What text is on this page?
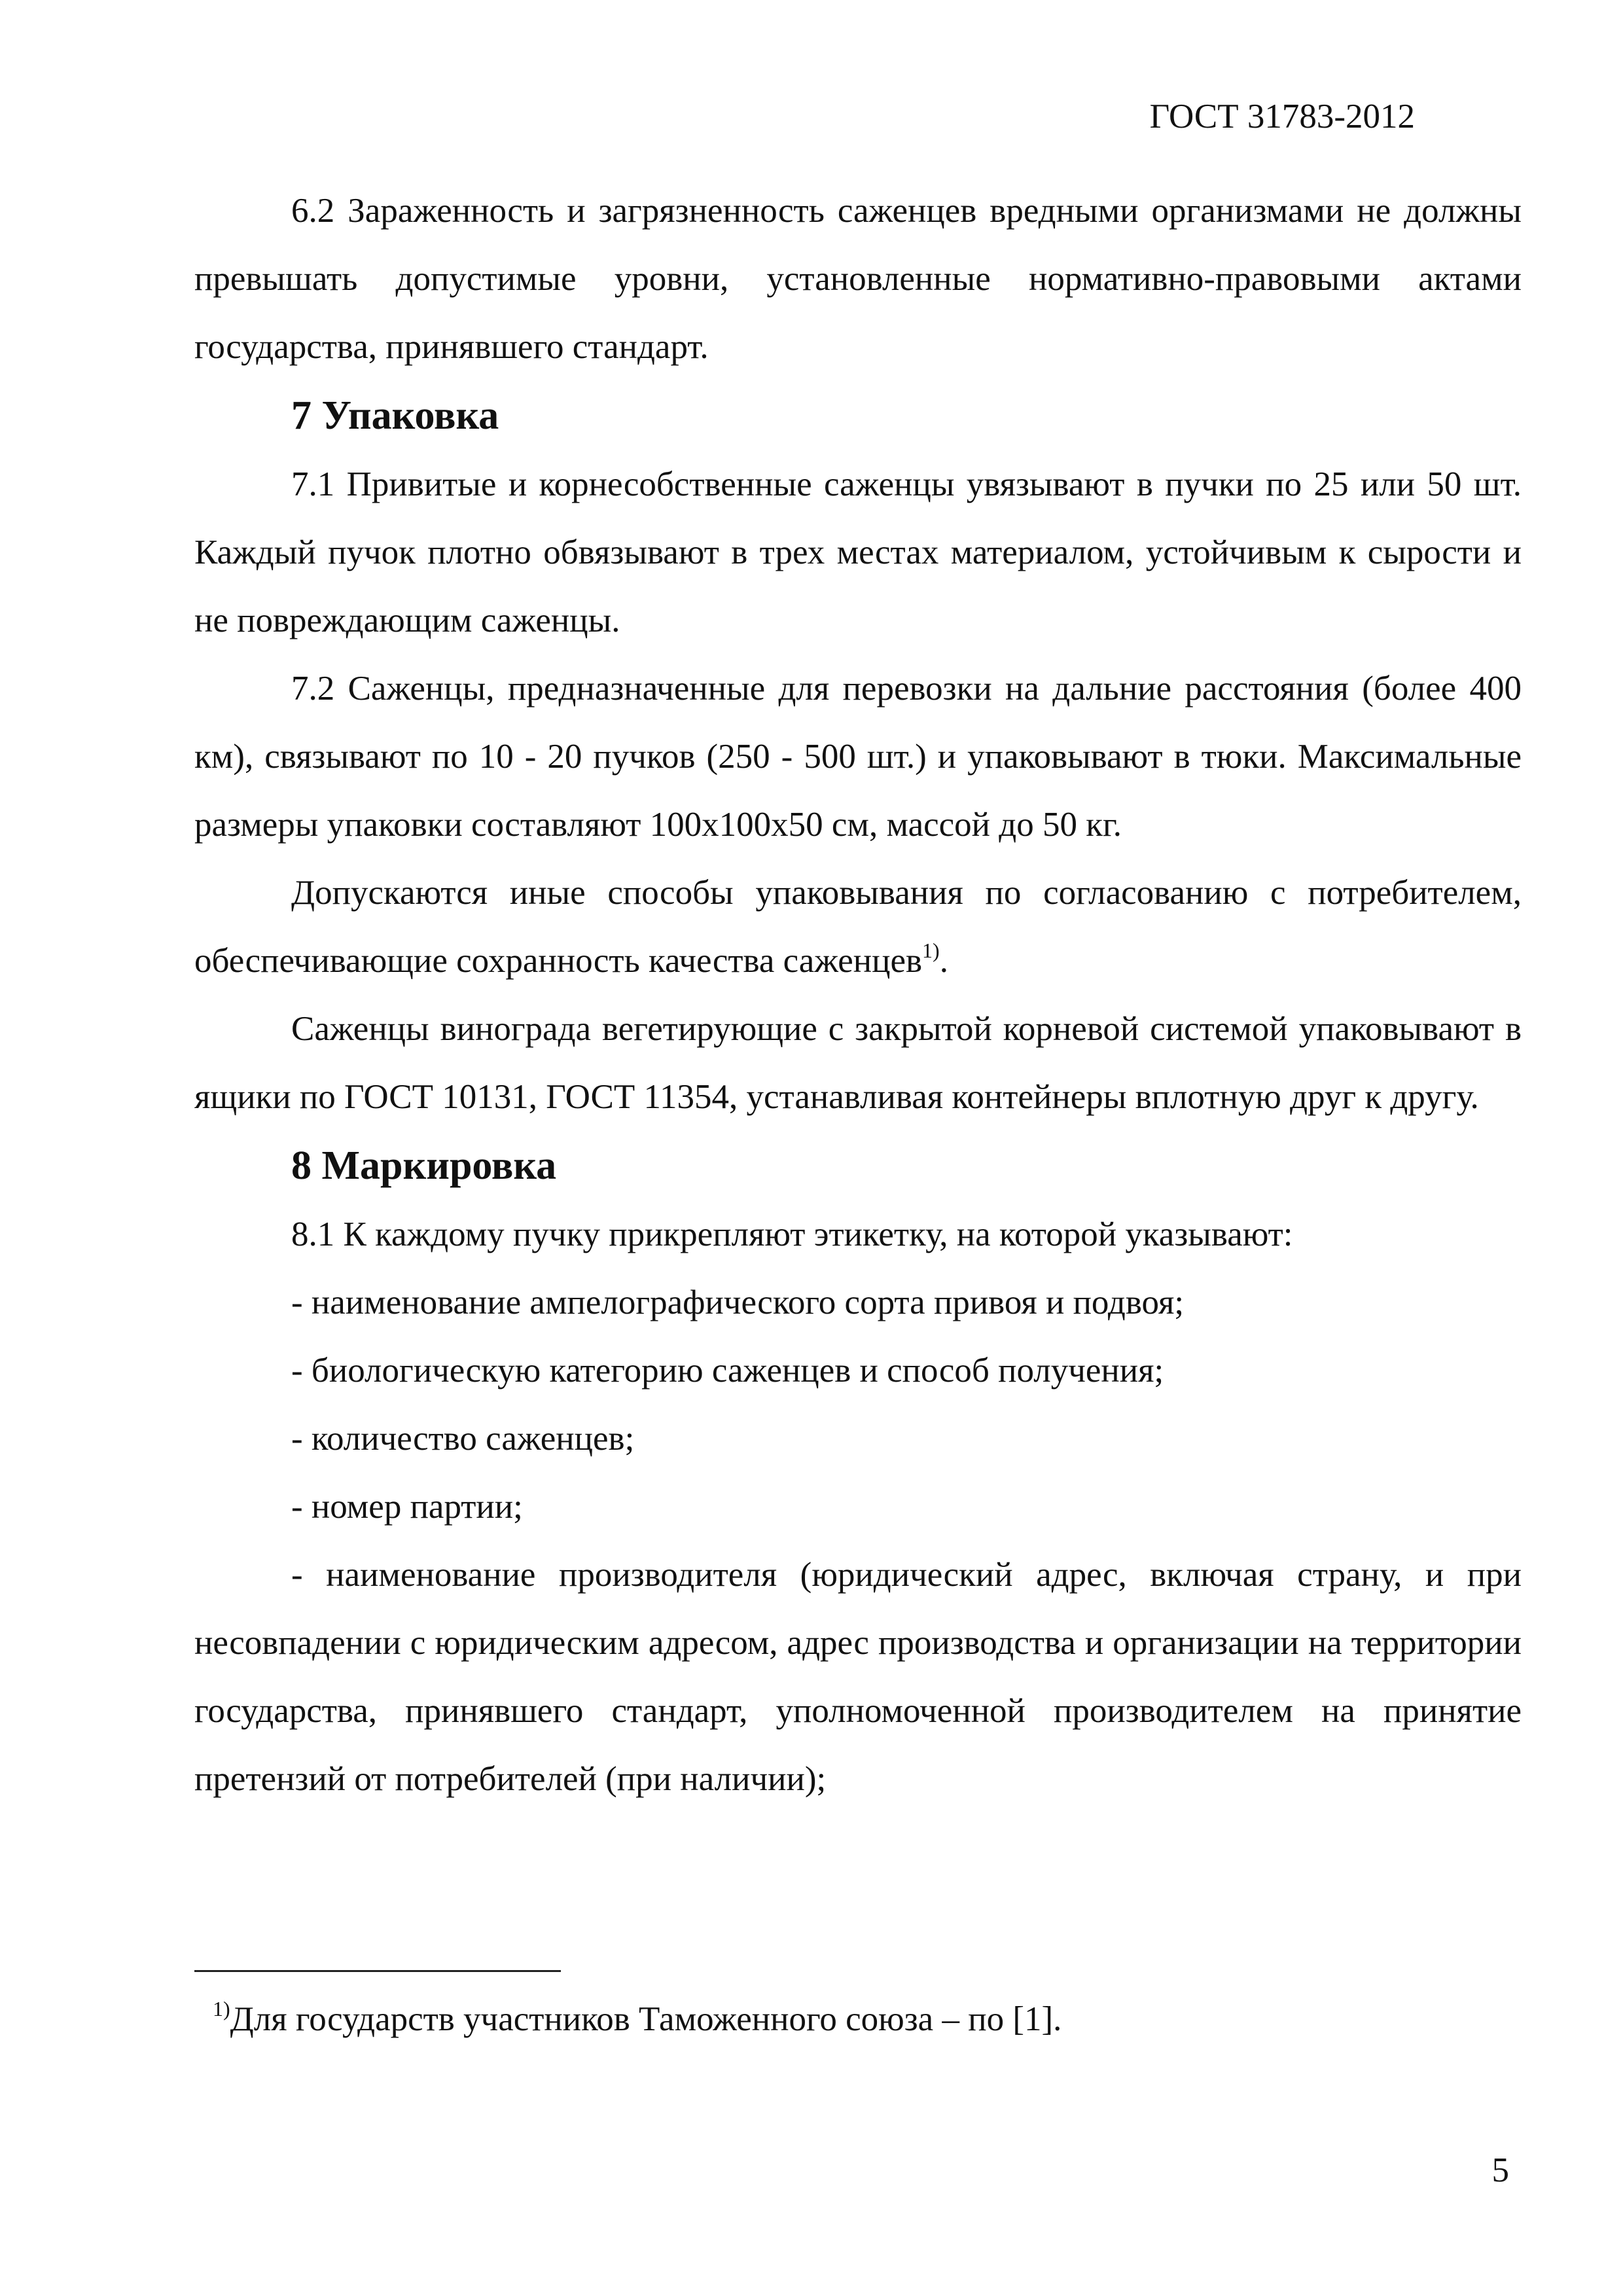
ГОСТ 31783-2012

6.2 Зараженность и загрязненность саженцев вредными организмами не должны превышать допустимые уровни, установленные нормативно-правовыми актами государства, принявшего стандарт.

7 Упаковка

7.1 Привитые и корнесобственные саженцы увязывают в пучки по 25 или 50 шт. Каждый пучок плотно обвязывают в трех местах материалом, устойчивым к сырости и не повреждающим саженцы.

7.2 Саженцы, предназначенные для перевозки на дальние расстояния (более 400 км), связывают по 10 - 20 пучков (250 - 500 шт.) и упаковывают в тюки. Максимальные размеры упаковки составляют 100х100х50 см, массой до 50 кг.

Допускаются иные способы упаковывания по согласованию с потребителем, обеспечивающие сохранность качества саженцев$^{1)}$.

Саженцы винограда вегетирующие с закрытой корневой системой упаковывают в ящики по ГОСТ 10131, ГОСТ 11354, устанавливая контейнеры вплотную друг к другу.

8 Маркировка

8.1 К каждому пучку прикрепляют этикетку, на которой указывают:

- наименование ампелографического сорта привоя и подвоя;

- биологическую категорию саженцев и способ получения;

- количество саженцев;

- номер партии;

- наименование производителя (юридический адрес, включая страну, и при несовпадении с юридическим адресом, адрес производства и организации на территории государства, принявшего стандарт, уполномоченной производителем на принятие претензий от потребителей (при наличии);

$^{1)}$Для государств участников Таможенного союза – по [1].
5
